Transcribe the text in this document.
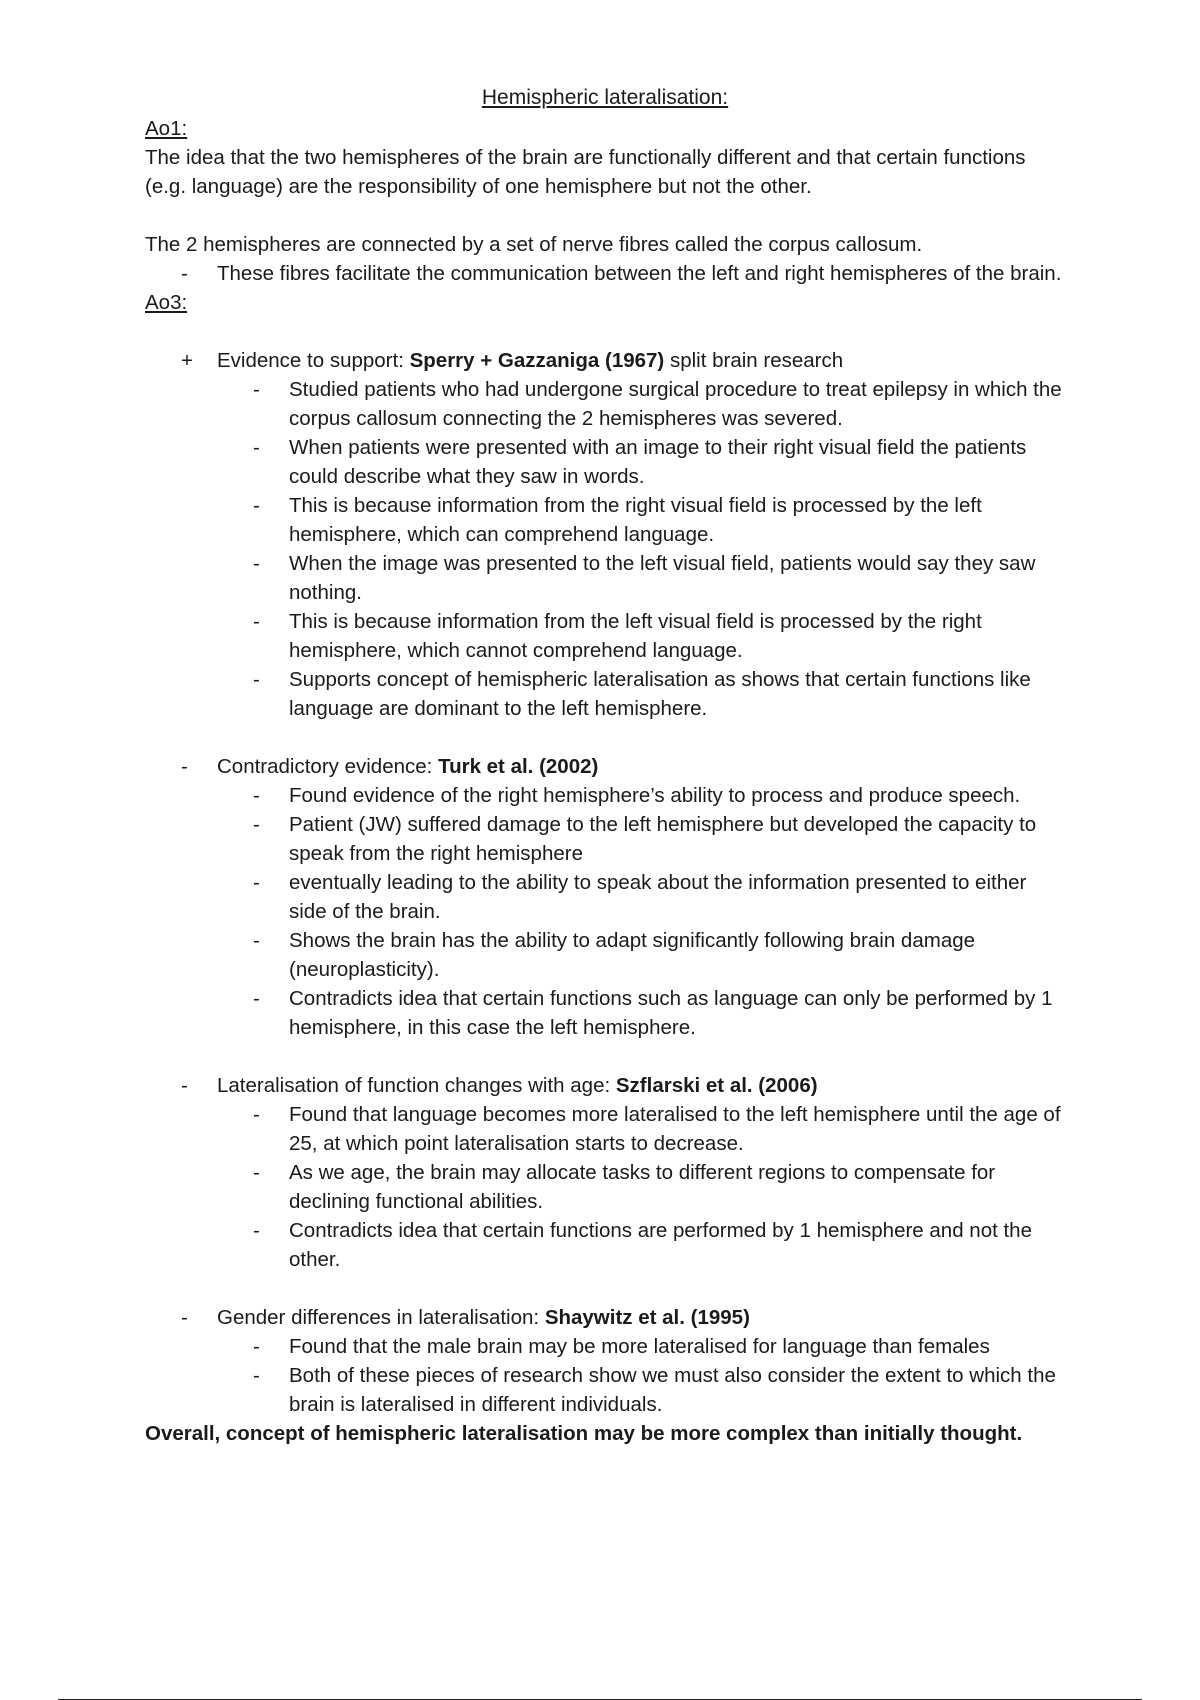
Hemispheric lateralisation:

Ao1:

The idea that the two hemispheres of the brain are functionally different and that certain functions (e.g. language) are the responsibility of one hemisphere but not the other.

The 2 hemispheres are connected by a set of nerve fibres called the corpus callosum.

-	These fibres facilitate the communication between the left and right hemispheres of the brain.
Ao3:
+	Evidence to support: Sperry + Gazzaniga (1967) split brain research
-	Studied patients who had undergone surgical procedure to treat epilepsy in which the corpus callosum connecting the 2 hemispheres was severed.
-	When patients were presented with an image to their right visual field the patients could describe what they saw in words.
-	This is because information from the right visual field is processed by the left hemisphere, which can comprehend language.
-	When the image was presented to the left visual field, patients would say they saw nothing.
-	This is because information from the left visual field is processed by the right hemisphere, which cannot comprehend language.
-	Supports concept of hemispheric lateralisation as shows that certain functions like language are dominant to the left hemisphere.
-	Contradictory evidence: Turk et al. (2002)
-	Found evidence of the right hemisphere’s ability to process and produce speech.
-	Patient (JW) suffered damage to the left hemisphere but developed the capacity to speak from the right hemisphere
-	eventually leading to the ability to speak about the information presented to either side of the brain.
-	Shows the brain has the ability to adapt significantly following brain damage (neuroplasticity).
-	Contradicts idea that certain functions such as language can only be performed by 1 hemisphere, in this case the left hemisphere.
-	Lateralisation of function changes with age: Szflarski et al. (2006)
-	Found that language becomes more lateralised to the left hemisphere until the age of 25, at which point lateralisation starts to decrease.
-	As we age, the brain may allocate tasks to different regions to compensate for declining functional abilities.
-	Contradicts idea that certain functions are performed by 1 hemisphere and not the other.
-	Gender differences in lateralisation: Shaywitz et al. (1995)
-	Found that the male brain may be more lateralised for language than females
-	Both of these pieces of research show we must also consider the extent to which the brain is lateralised in different individuals.

Overall, concept of hemispheric lateralisation may be more complex than initially thought.
